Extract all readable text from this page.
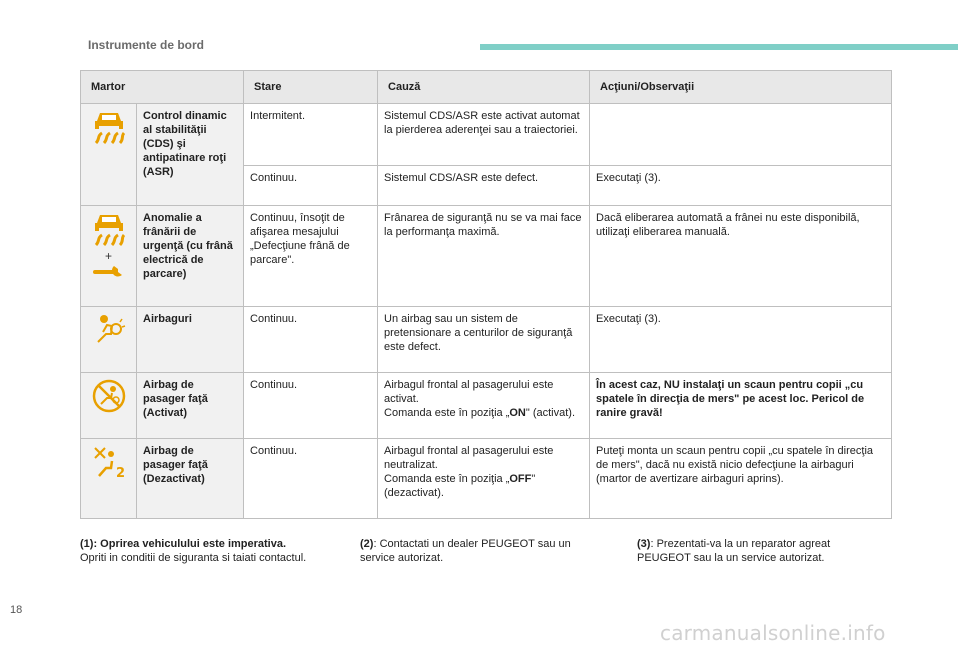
Instrumente de bord
Martor		Stare	Cauză	Acţiuni/Observaţii

	Control dinamic al stabilităţii (CDS) şi antipatinare roţi (ASR)	Intermitent.	Sistemul CDS/ASR este activat automat la pierderea aderenţei sau a traiectoriei.	
		Continuu.	Sistemul CDS/ASR este defect.	Executaţi (3).

+	Anomalie a frânării de urgenţă (cu frână electrică de parcare)	Continuu, însoţit de afişarea mesajului „Defecţiune frână de parcare".	Frânarea de siguranţă nu se va mai face la performanţa maximă.	Dacă eliberarea automată a frânei nu este disponibilă, utilizaţi eliberarea manuală.

	Airbaguri	Continuu.	Un airbag sau un sistem de pretensionare a centurilor de siguranţă este defect.	Executaţi (3).

	Airbag de pasager faţă (Activat)	Continuu.	Airbagul frontal al pasagerului este activat.
Comanda este în poziţia „ON" (activat).	În acest caz, NU instalaţi un scaun pentru copii „cu spatele în direcţia de mers" pe acest loc. Pericol de ranire gravă!

2	Airbag de pasager faţă (Dezactivat)	Continuu.	Airbagul frontal al pasagerului este neutralizat.
Comanda este în poziţia „OFF" (dezactivat).	Puteţi monta un scaun pentru copii „cu spatele în direcţia de mers", dacă nu există nicio defecţiune la airbaguri (martor de avertizare airbaguri aprins).
(1): Oprirea vehiculului este imperativa.
Opriti in conditii de siguranta si taiati contactul.
(2): Contactati un dealer PEUGEOT sau un service autorizat.
(3): Prezentati-va la un reparator agreat PEUGEOT sau la un service autorizat.
18
carmanualsonline.info
